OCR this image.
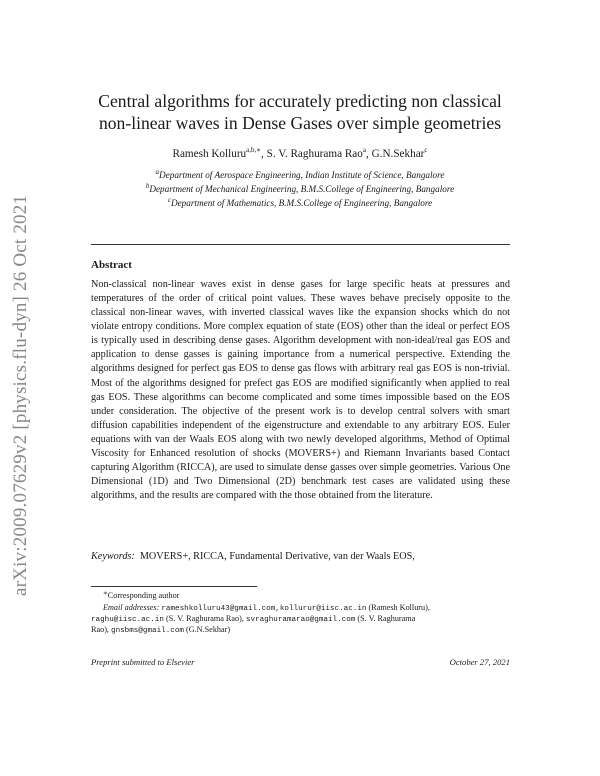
arXiv:2009.07629v2 [physics.flu-dyn] 26 Oct 2021
Central algorithms for accurately predicting non classical
non-linear waves in Dense Gases over simple geometries
Ramesh Kolluru$^{a,b,∗}$, S. V. Raghurama Rao$^a$, G.N.Sekhar$^c$
$^a$Department of Aerospace Engineering, Indian Institute of Science, Bangalore
$^b$Department of Mechanical Engineering, B.M.S.College of Engineering, Bangalore
$^c$Department of Mathematics, B.M.S.College of Engineering, Bangalore
Abstract
Non-classical non-linear waves exist in dense gases for large specific heats at pressures and temperatures of the order of critical point values. These waves behave precisely opposite to the classical non-linear waves, with inverted classical waves like the expansion shocks which do not violate entropy conditions. More complex equation of state (EOS) other than the ideal or perfect EOS is typically used in describing dense gases. Algorithm development with non-ideal/real gas EOS and application to dense gasses is gaining importance from a numerical perspective. Extending the algorithms designed for perfect gas EOS to dense gas flows with arbitrary real gas EOS is non-trivial. Most of the algorithms designed for prefect gas EOS are modified significantly when applied to real gas EOS. These algorithms can become complicated and some times impossible based on the EOS under consideration. The objective of the present work is to develop central solvers with smart diffusion capabilities independent of the eigenstructure and extendable to any arbitrary EOS. Euler equations with van der Waals EOS along with two newly developed algorithms, Method of Optimal Viscosity for Enhanced resolution of shocks (MOVERS+) and Riemann Invariants based Contact capturing Algorithm (RICCA), are used to simulate dense gasses over simple geometries. Various One Dimensional (1D) and Two Dimensional (2D) benchmark test cases are validated using these algorithms, and the results are compared with the those obtained from the literature.
Keywords: MOVERS+, RICCA, Fundamental Derivative, van der Waals EOS,
∗Corresponding author
Email addresses: rameshkolluru43@gmail.com,kollurur@iisc.ac.in (Ramesh Kolluru),
raghu@iisc.ac.in (S. V. Raghurama Rao), svraghuramarao@gmail.com (S. V. Raghurama
Rao), gnsbms@gmail.com (G.N.Sekhar)
Preprint submitted to Elsevier	October 27, 2021
